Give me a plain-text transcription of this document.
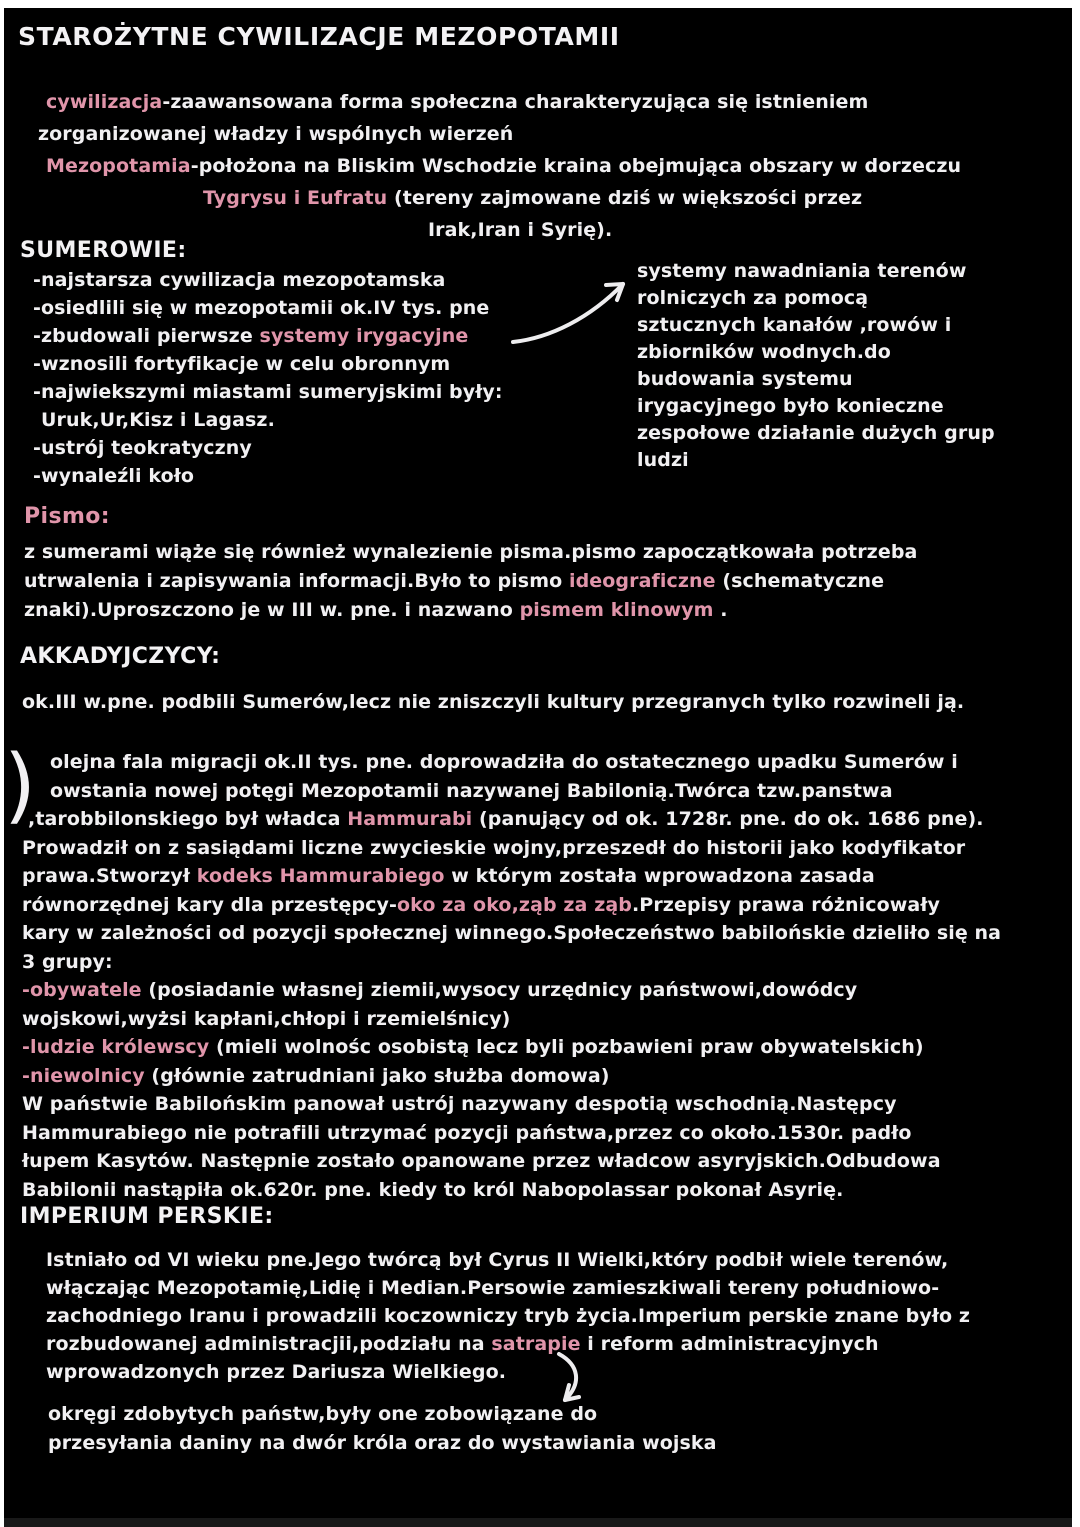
STAROŻYTNE CYWILIZACJE MEZOPOTAMII
cywilizacja-zaawansowana forma społeczna charakteryzująca się istnieniem
zorganizowanej władzy i wspólnych wierzeń
Mezopotamia-położona na Bliskim Wschodzie kraina obejmująca obszary w dorzeczu
Tygrysu i Eufratu (tereny zajmowane dziś w większości przez
Irak,Iran i Syrię).
SUMEROWIE:
-najstarsza cywilizacja mezopotamska
-osiedlili się w mezopotamii ok.IV tys. pne
-zbudowali pierwsze systemy irygacyjne
-wznosili fortyfikacje w celu obronnym
-najwiekszymi miastami sumeryjskimi były:
Uruk,Ur,Kisz i Lagasz.
-ustrój teokratyczny
-wynaleźli koło
systemy nawadniania terenów
rolniczych za pomocą
sztucznych kanałów ,rowów i
zbiorników wodnych.do
budowania systemu
irygacyjnego było konieczne
zespołowe działanie dużych grup
ludzi
Pismo:
z sumerami wiąże się również wynalezienie pisma.pismo zapoczątkowała potrzeba
utrwalenia i zapisywania informacji.Było to pismo ideograficzne (schematyczne
znaki).Uproszczono je w III w. pne. i nazwano pismem klinowym .
AKKADYJCZYCY:
ok.III w.pne. podbili Sumerów,lecz nie zniszczyli kultury przegranych tylko rozwineli ją.
) olejna fala migracji ok.II tys. pne. doprowadziła do ostatecznego upadku Sumerów i
owstania nowej potęgi Mezopotamii nazywanej Babilonią.Twórca tzw.panstwa
,tarobbilonskiego był władca Hammurabi (panujący od ok. 1728r. pne. do ok. 1686 pne).
Prowadził on z sasiądami liczne zwycieskie wojny,przeszedł do historii jako kodyfikator
prawa.Stworzył kodeks Hammurabiego w którym została wprowadzona zasada
równorzędnej kary dla przestępcy-oko za oko,ząb za ząb.Przepisy prawa różnicowały
kary w zależności od pozycji społecznej winnego.Społeczeństwo babilońskie dzieliło się na
3 grupy:
-obywatele (posiadanie własnej ziemii,wysocy urzędnicy państwowi,dowódcy
wojskowi,wyżsi kapłani,chłopi i rzemielśnicy)
-ludzie królewscy (mieli wolnośc osobistą lecz byli pozbawieni praw obywatelskich)
-niewolnicy (głównie zatrudniani jako służba domowa)
W państwie Babilońskim panował ustrój nazywany despotią wschodnią.Następcy
Hammurabiego nie potrafili utrzymać pozycji państwa,przez co około.1530r. padło
łupem Kasytów. Następnie zostało opanowane przez władcow asyryjskich.Odbudowa
Babilonii nastąpiła ok.620r. pne. kiedy to król Nabopolassar pokonał Asyrię.
IMPERIUM PERSKIE:
Istniało od VI wieku pne.Jego twórcą był Cyrus II Wielki,który podbił wiele terenów,
włączając Mezopotamię,Lidię i Median.Persowie zamieszkiwali tereny południowo-
zachodniego Iranu i prowadzili koczowniczy tryb życia.Imperium perskie znane było z
rozbudowanej administracjii,podziału na satrapie i reform administracyjnych
wprowadzonych przez Dariusza Wielkiego.
okręgi zdobytych państw,były one zobowiązane do
przesyłania daniny na dwór króla oraz do wystawiania wojska
